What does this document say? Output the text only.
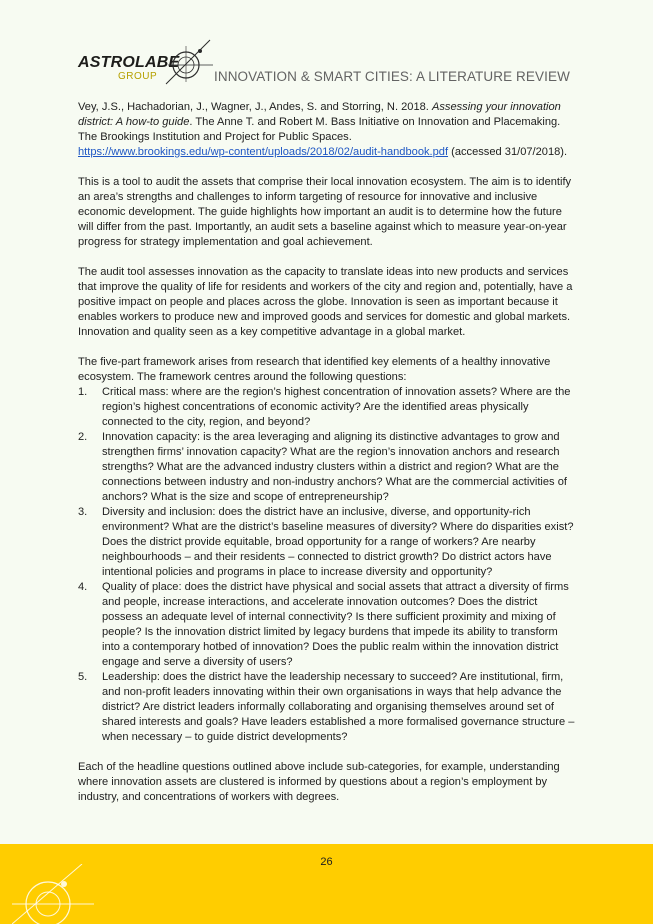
ASTROLABE
GROUP	INNOVATION & SMART CITIES: A LITERATURE REVIEW

Vey, J.S., Hachadorian, J., Wagner, J., Andes, S. and Storring, N. 2018. Assessing your innovation district: A how-to guide. The Anne T. and Robert M. Bass Initiative on Innovation and Placemaking. The Brookings Institution and Project for Public Spaces.
https://www.brookings.edu/wp-content/uploads/2018/02/audit-handbook.pdf (accessed 31/07/2018).

This is a tool to audit the assets that comprise their local innovation ecosystem. The aim is to identify an area’s strengths and challenges to inform targeting of resource for innovative and inclusive economic development. The guide highlights how important an audit is to determine how the future will differ from the past. Importantly, an audit sets a baseline against which to measure year-on-year progress for strategy implementation and goal achievement.

The audit tool assesses innovation as the capacity to translate ideas into new products and services that improve the quality of life for residents and workers of the city and region and, potentially, have a positive impact on people and places across the globe. Innovation is seen as important because it enables workers to produce new and improved goods and services for domestic and global markets. Innovation and quality seen as a key competitive advantage in a global market.

The five-part framework arises from research that identified key elements of a healthy innovative ecosystem. The framework centres around the following questions:

1. Critical mass: where are the region’s highest concentration of innovation assets? Where are the region’s highest concentrations of economic activity? Are the identified areas physically connected to the city, region, and beyond?
2. Innovation capacity: is the area leveraging and aligning its distinctive advantages to grow and strengthen firms’ innovation capacity? What are the region’s innovation anchors and research strengths? What are the advanced industry clusters within a district and region? What are the connections between industry and non-industry anchors? What are the commercial activities of anchors? What is the size and scope of entrepreneurship?
3. Diversity and inclusion: does the district have an inclusive, diverse, and opportunity-rich environment? What are the district’s baseline measures of diversity? Where do disparities exist? Does the district provide equitable, broad opportunity for a range of workers? Are nearby neighbourhoods – and their residents – connected to district growth? Do district actors have intentional policies and programs in place to increase diversity and opportunity?
4. Quality of place: does the district have physical and social assets that attract a diversity of firms and people, increase interactions, and accelerate innovation outcomes? Does the district possess an adequate level of internal connectivity? Is there sufficient proximity and mixing of people? Is the innovation district limited by legacy burdens that impede its ability to transform into a contemporary hotbed of innovation? Does the public realm within the innovation district engage and serve a diversity of users?
5. Leadership: does the district have the leadership necessary to succeed? Are institutional, firm, and non-profit leaders innovating within their own organisations in ways that help advance the district? Are district leaders informally collaborating and organising themselves around set of shared interests and goals? Have leaders established a more formalised governance structure – when necessary – to guide district developments?

Each of the headline questions outlined above include sub-categories, for example, understanding where innovation assets are clustered is informed by questions about a region’s employment by industry, and concentrations of workers with degrees.

26
